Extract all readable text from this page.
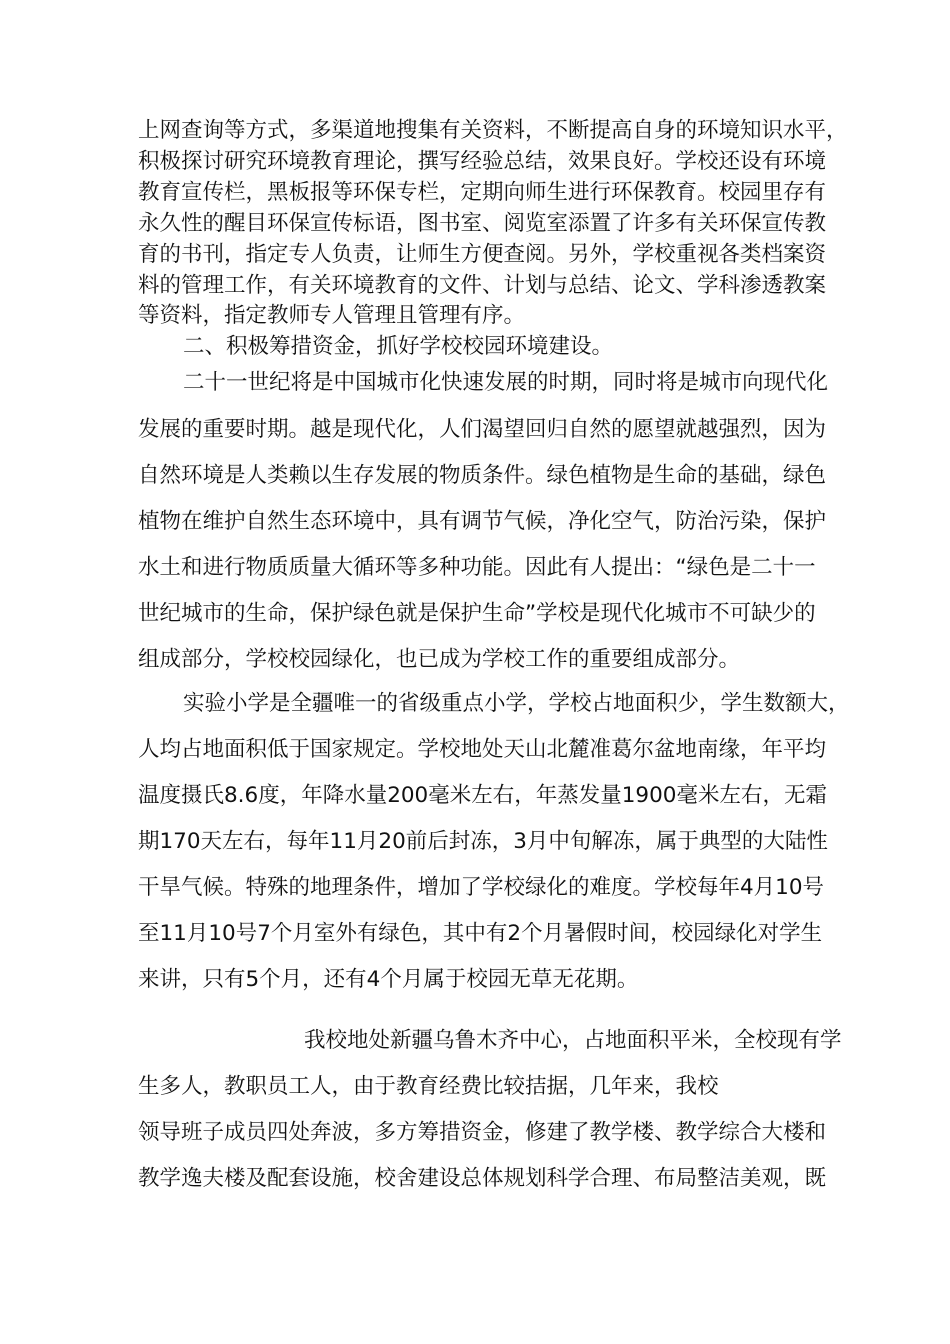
上网查询等方式，多渠道地搜集有关资料，不断提高自身的环境知识水平，
积极探讨研究环境教育理论，撰写经验总结，效果良好。学校还设有环境
教育宣传栏，黑板报等环保专栏，定期向师生进行环保教育。校园里存有
永久性的醒目环保宣传标语，图书室、阅览室添置了许多有关环保宣传教
育的书刊，指定专人负责，让师生方便查阅。另外，学校重视各类档案资
料的管理工作，有关环境教育的文件、计划与总结、论文、学科渗透教案
等资料，指定教师专人管理且管理有序。
二、积极筹措资金，抓好学校校园环境建设。
二十一世纪将是中国城市化快速发展的时期，同时将是城市向现代化
发展的重要时期。越是现代化，人们渴望回归自然的愿望就越强烈，因为
自然环境是人类赖以生存发展的物质条件。绿色植物是生命的基础，绿色
植物在维护自然生态环境中，具有调节气候，净化空气，防治污染，保护
水土和进行物质质量大循环等多种功能。因此有人提出：“绿色是二十一
世纪城市的生命，保护绿色就是保护生命”学校是现代化城市不可缺少的
组成部分，学校校园绿化，也已成为学校工作的重要组成部分。
实验小学是全疆唯一的省级重点小学，学校占地面积少，学生数额大，
人均占地面积低于国家规定。学校地处天山北麓准葛尔盆地南缘，年平均
温度摄氏8.6度，年降水量200毫米左右，年蒸发量1900毫米左右，无霜
期170天左右，每年11月20前后封冻，3月中旬解冻，属于典型的大陆性
干旱气候。特殊的地理条件，增加了学校绿化的难度。学校每年4月10号
至11月10号7个月室外有绿色，其中有2个月暑假时间，校园绿化对学生
来讲，只有5个月，还有4个月属于校园无草无花期。
我校地处新疆乌鲁木齐中心，占地面积平米，全校现有学
生多人，教职员工人，由于教育经费比较拮据，几年来，我校
领导班子成员四处奔波，多方筹措资金，修建了教学楼、教学综合大楼和
教学逸夫楼及配套设施，校舍建设总体规划科学合理、布局整洁美观，既
